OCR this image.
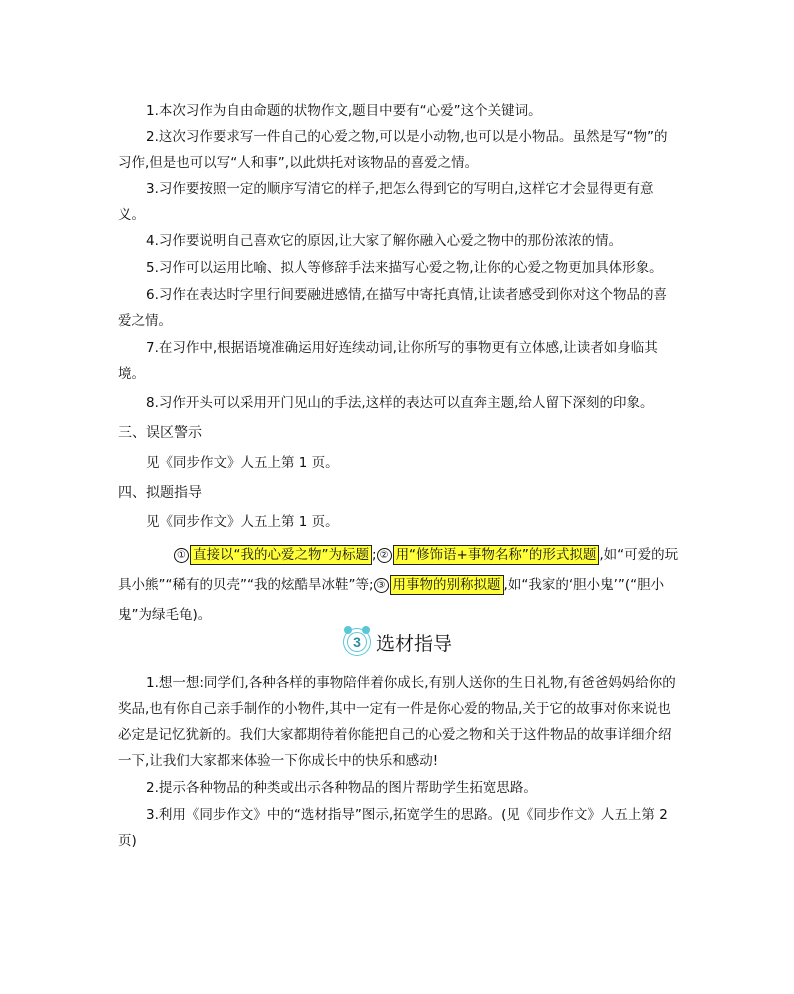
1.本次习作为自由命题的状物作文,题目中要有“心爱”这个关键词。

2.这次习作要求写一件自己的心爱之物,可以是小动物,也可以是小物品。虽然是写“物”的习作,但是也可以写“人和事”,以此烘托对该物品的喜爱之情。

3.习作要按照一定的顺序写清它的样子,把怎么得到它的写明白,这样它才会显得更有意义。

4.习作要说明自己喜欢它的原因,让大家了解你融入心爱之物中的那份浓浓的情。

5.习作可以运用比喻、拟人等修辞手法来描写心爱之物,让你的心爱之物更加具体形象。

6.习作在表达时字里行间要融进感情,在描写中寄托真情,让读者感受到你对这个物品的喜爱之情。

7.在习作中,根据语境准确运用好连续动词,让你所写的事物更有立体感,让读者如身临其境。

8.习作开头可以采用开门见山的手法,这样的表达可以直奔主题,给人留下深刻的印象。

三、误区警示

见《同步作文》人五上第 1 页。

四、拟题指导

见《同步作文》人五上第 1 页。

① 直接以“我的心爱之物”为标题 ; ② 用“修饰语+事物名称”的形式拟题 ,如“可爱的玩具小熊”“稀有的贝壳”“我的炫酷旱冰鞋”等; ③ 用事物的别称拟题 ,如“我家的‘胆小鬼’”(“胆小鬼”为绿毛龟)。

3 选材指导

1.想一想:同学们,各种各样的事物陪伴着你成长,有别人送你的生日礼物,有爸爸妈妈给你的奖品,也有你自己亲手制作的小物件,其中一定有一件是你心爱的物品,关于它的故事对你来说也必定是记忆犹新的。我们大家都期待着你能把自己的心爱之物和关于这件物品的故事详细介绍一下,让我们大家都来体验一下你成长中的快乐和感动!

2.提示各种物品的种类或出示各种物品的图片帮助学生拓宽思路。

3.利用《同步作文》中的“选材指导”图示,拓宽学生的思路。(见《同步作文》人五上第 2 页)
